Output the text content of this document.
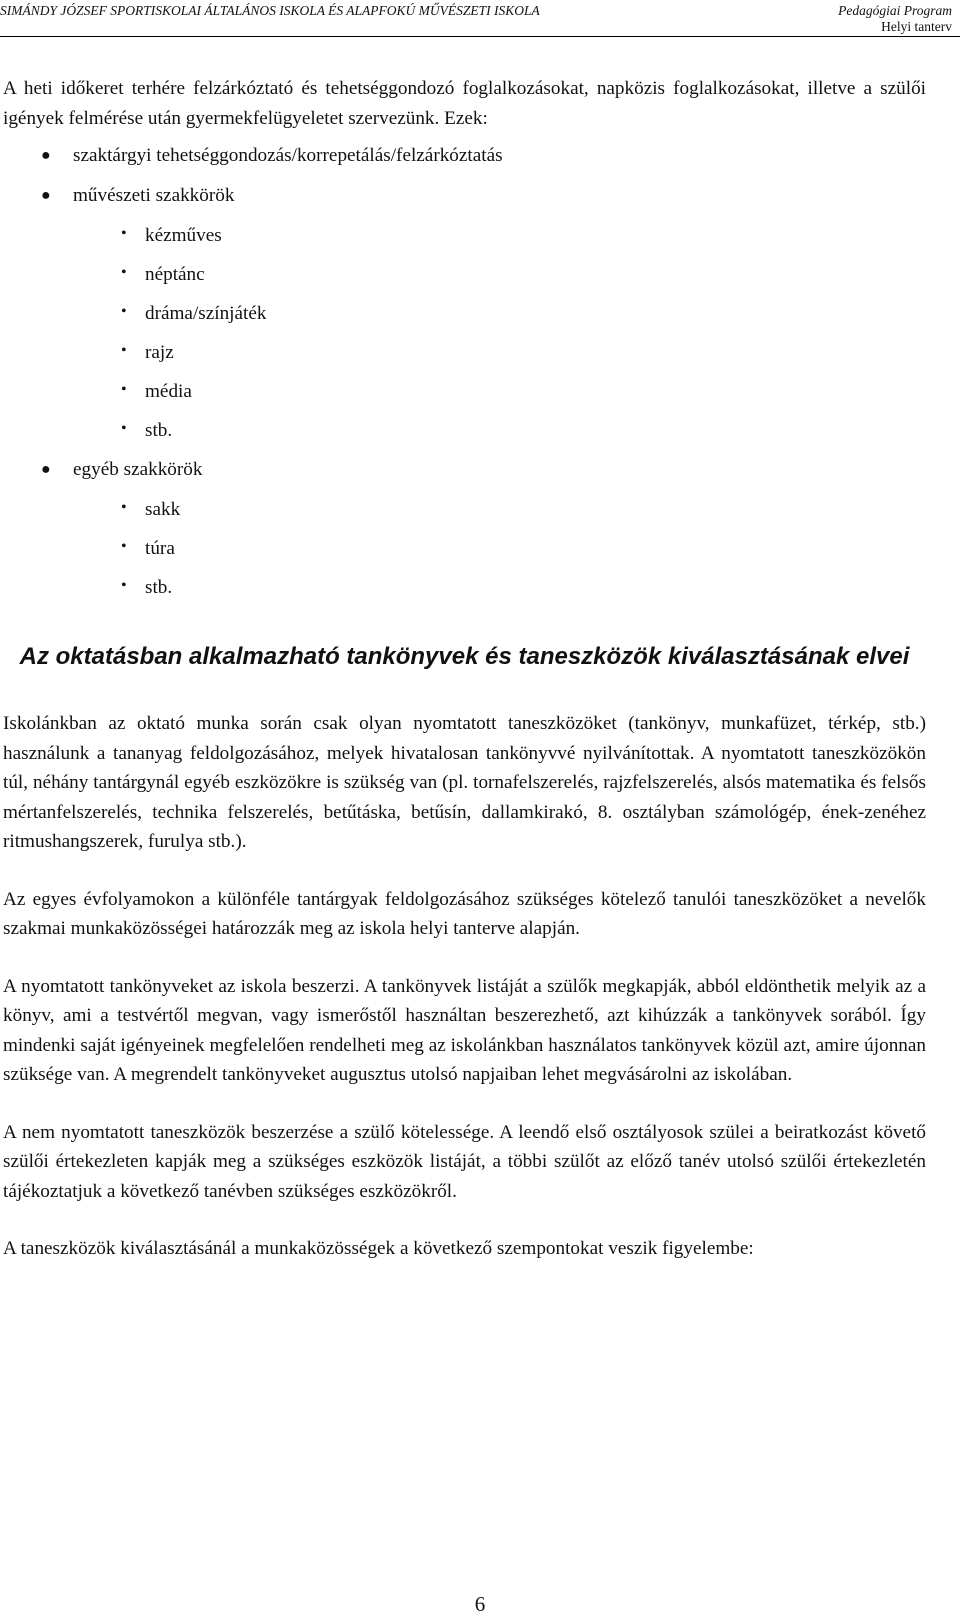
SIMÁNDY JÓZSEF SPORTISKOLAI ÁLTALÁNOS ISKOLA ÉS ALAPFOKÚ MŰVÉSZETI ISKOLA	Pedagógiai Program
Helyi tanterv

A heti időkeret terhére felzárkóztató és tehetséggondozó foglalkozásokat, napközis foglalkozásokat, illetve a szülői igények felmérése után gyermekfelügyeletet szervezünk. Ezek:

● szaktárgyi tehetséggondozás/korrepetálás/felzárkóztatás
● művészeti szakkörök
• kézműves
• néptánc
• dráma/színjáték
• rajz
• média
• stb.
● egyéb szakkörök
• sakk
• túra
• stb.
Az oktatásban alkalmazható tankönyvek és taneszközök kiválasztásának elvei

Iskolánkban az oktató munka során csak olyan nyomtatott taneszközöket (tankönyv, munkafüzet, térkép, stb.) használunk a tananyag feldolgozásához, melyek hivatalosan tankönyvvé nyilvánítottak. A nyomtatott taneszközökön túl, néhány tantárgynál egyéb eszközökre is szükség van (pl. tornafelszerelés, rajzfelszerelés, alsós matematika és felsős mértanfelszerelés, technika felszerelés, betűtáska, betűsín, dallamkirakó, 8. osztályban számológép, ének-zenéhez ritmushangszerek, furulya stb.).

Az egyes évfolyamokon a különféle tantárgyak feldolgozásához szükséges kötelező tanulói taneszközöket a nevelők szakmai munkaközösségei határozzák meg az iskola helyi tanterve alapján.

A nyomtatott tankönyveket az iskola beszerzi. A tankönyvek listáját a szülők megkapják, abból eldönthetik melyik az a könyv, ami a testvértől megvan, vagy ismerőstől használtan beszerezhető, azt kihúzzák a tankönyvek sorából. Így mindenki saját igényeinek megfelelően rendelheti meg az iskolánkban használatos tankönyvek közül azt, amire újonnan szüksége van. A megrendelt tankönyveket augusztus utolsó napjaiban lehet megvásárolni az iskolában.

A nem nyomtatott taneszközök beszerzése a szülő kötelessége. A leendő első osztályosok szülei a beiratkozást követő szülői értekezleten kapják meg a szükséges eszközök listáját, a többi szülőt az előző tanév utolsó szülői értekezletén tájékoztatjuk a következő tanévben szükséges eszközökről.

A taneszközök kiválasztásánál a munkaközösségek a következő szempontokat veszik figyelembe:

6
